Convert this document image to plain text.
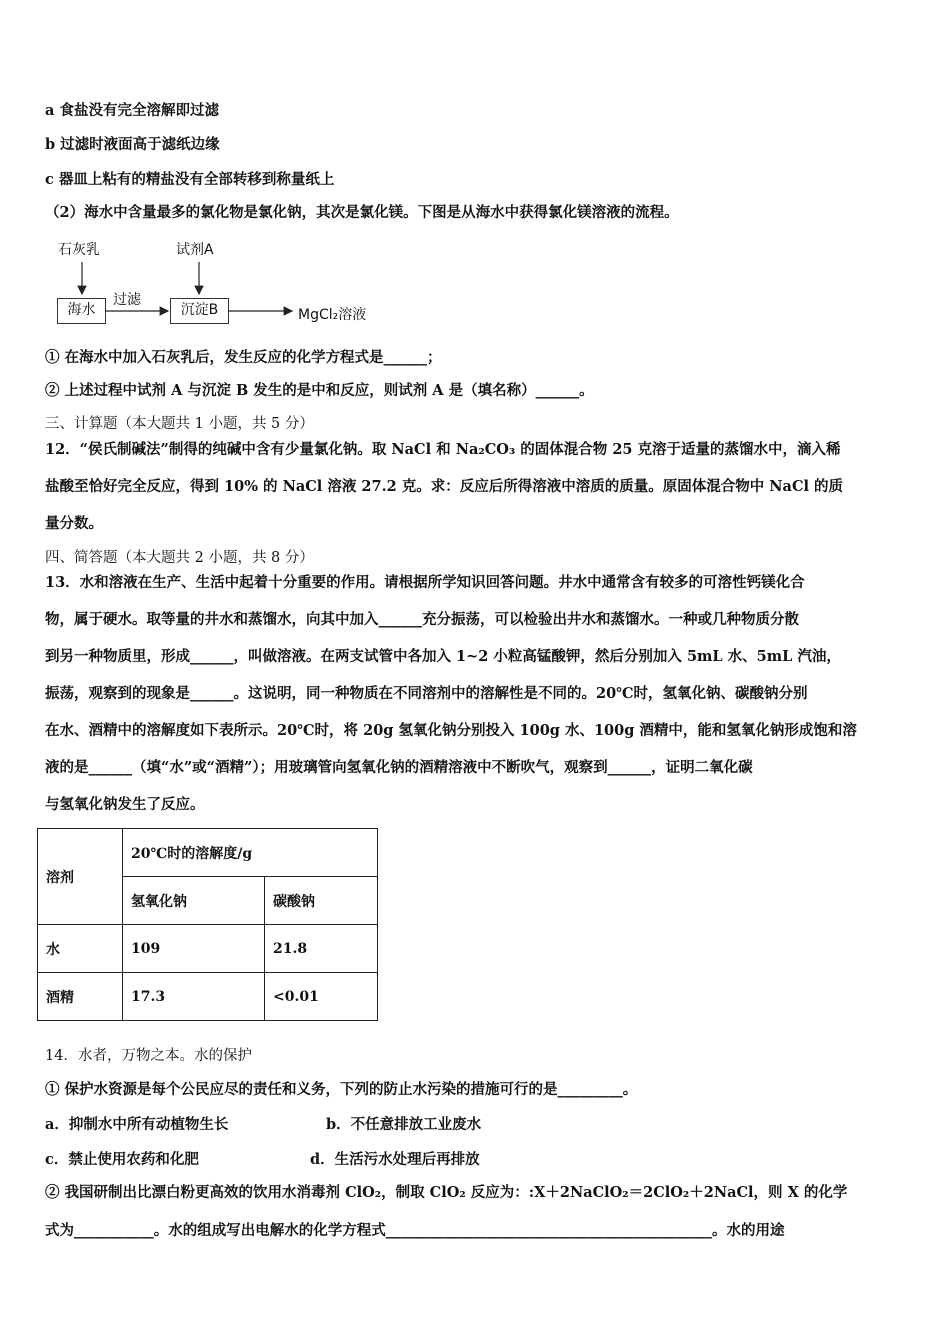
a 食盐没有完全溶解即过滤
b 过滤时液面高于滤纸边缘
c 器皿上粘有的精盐没有全部转移到称量纸上
（2）海水中含量最多的氯化物是氯化钠，其次是氯化镁。下图是从海水中获得氯化镁溶液的流程。
石灰乳	试剂A
海水
过滤
沉淀B	MgCl₂溶液
① 在海水中加入石灰乳后，发生反应的化学方程式是______；
② 上述过程中试剂 A 与沉淀 B 发生的是中和反应，则试剂 A 是（填名称）______。
三、计算题（本大题共 1 小题，共 5 分）
12．“侯氏制碱法”制得的纯碱中含有少量氯化钠。取 NaCl 和 Na₂CO₃ 的固体混合物 25 克溶于适量的蒸馏水中，滴入稀
盐酸至恰好完全反应，得到 10% 的 NaCl 溶液 27.2 克。求：反应后所得溶液中溶质的质量。原固体混合物中 NaCl 的质
量分数。
四、简答题（本大题共 2 小题，共 8 分）
13．水和溶液在生产、生活中起着十分重要的作用。请根据所学知识回答问题。井水中通常含有较多的可溶性钙镁化合
物，属于硬水。取等量的井水和蒸馏水，向其中加入______充分振荡，可以检验出井水和蒸馏水。一种或几种物质分散
到另一种物质里，形成______，叫做溶液。在两支试管中各加入 1~2 小粒高锰酸钾，然后分别加入 5mL 水、5mL 汽油，
振荡，观察到的现象是______。这说明，同一种物质在不同溶剂中的溶解性是不同的。20℃时，氢氧化钠、碳酸钠分别
在水、酒精中的溶解度如下表所示。20℃时，将 20g 氢氧化钠分别投入 100g 水、100g 酒精中，能和氢氧化钠形成饱和溶
液的是______（填“水”或“酒精”）；用玻璃管向氢氧化钠的酒精溶液中不断吹气，观察到______，证明二氧化碳
与氢氧化钠发生了反应。
溶剂	20℃时的溶解度/g	
	氢氧化钠	碳酸钠
水	109	21.8
酒精	17.3	<0.01
14．水者，万物之本。水的保护
① 保护水资源是每个公民应尽的责任和义务，下列的防止水污染的措施可行的是_________。
a．抑制水中所有动植物生长	b．不任意排放工业废水
c．禁止使用农药和化肥	d．生活污水处理后再排放
② 我国研制出比漂白粉更高效的饮用水消毒剂 ClO₂，制取 ClO₂ 反应为：:X＋2NaClO₂＝2ClO₂＋2NaCl，则 X 的化学
式为___________。水的组成写出电解水的化学方程式_____________________________________________。水的用途
